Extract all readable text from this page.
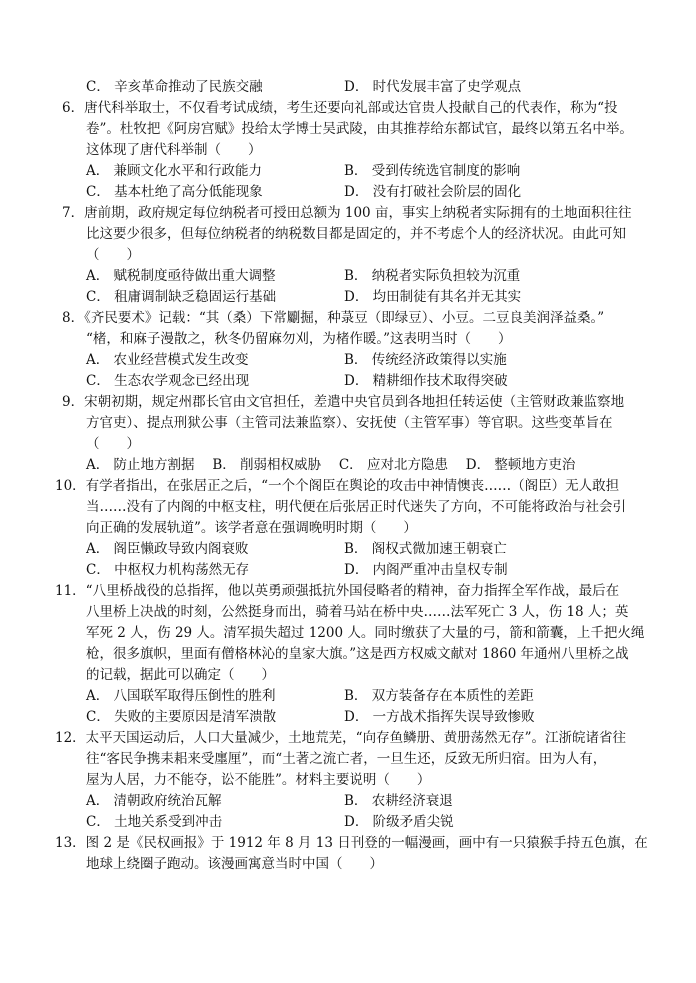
C． 辛亥革命推动了民族交融	D． 时代发展丰富了史学观点
6．唐代科举取士，不仅看考试成绩，考生还要向礼部或达官贵人投献自己的代表作，称为“投
卷”。杜牧把《阿房宫赋》投给太学博士吴武陵，由其推荐给东都试官，最终以第五名中举。
这体现了唐代科举制（　　）
A． 兼顾文化水平和行政能力	B． 受到传统选官制度的影响
C． 基本杜绝了高分低能现象	D． 没有打破社会阶层的固化
7．唐前期，政府规定每位纳税者可授田总额为 100 亩，事实上纳税者实际拥有的土地面积往往
比这要少很多，但每位纳税者的纳税数目都是固定的，并不考虑个人的经济状况。由此可知
（　　）
A． 赋税制度亟待做出重大调整	B． 纳税者实际负担较为沉重
C． 租庸调制缺乏稳固运行基础	D． 均田制徒有其名并无其实
8．《齐民要术》记载：“其（桑）下常劚掘，种菉豆（即绿豆）、小豆。二豆良美润泽益桑。”
“楮，和麻子漫散之，秋冬仍留麻勿刈，为楮作暖。”这表明当时（　　）
A． 农业经营模式发生改变	B． 传统经济政策得以实施
C． 生态农学观念已经出现	D． 精耕细作技术取得突破
9．宋朝初期，规定州郡长官由文官担任，差遣中央官员到各地担任转运使（主管财政兼监察地
方官吏）、提点刑狱公事（主管司法兼监察）、安抚使（主管军事）等官职。这些变革旨在
（　　）
A． 防止地方割据　 B． 削弱相权威胁　 C． 应对北方隐患　 D． 整顿地方吏治
10．有学者指出，在张居正之后，“一个个阁臣在舆论的攻击中神情懊丧……（阁臣）无人敢担
当……没有了内阁的中枢支柱，明代便在后张居正时代迷失了方向，不可能将政治与社会引
向正确的发展轨道”。该学者意在强调晚明时期（　　）
A． 阁臣懒政导致内阁衰败	B． 阁权式微加速王朝衰亡
C． 中枢权力机构荡然无存	D． 内阁严重冲击皇权专制
11．“八里桥战役的总指挥，他以英勇顽强抵抗外国侵略者的精神，奋力指挥全军作战，最后在
八里桥上决战的时刻，公然挺身而出，骑着马站在桥中央……法军死亡 3 人，伤 18 人；英
军死 2 人，伤 29 人。清军损失超过 1200 人。同时缴获了大量的弓，箭和箭囊，上千把火绳
枪，很多旗帜，里面有僧格林沁的皇家大旗。”这是西方权威文献对 1860 年通州八里桥之战
的记载，据此可以确定（　　）
A． 八国联军取得压倒性的胜利	B． 双方装备存在本质性的差距
C． 失败的主要原因是清军溃散	D． 一方战术指挥失误导致惨败
12．太平天国运动后，人口大量减少，土地荒芜，“向存鱼鳞册、黄册荡然无存”。江浙皖诸省往
往“客民争携耒耜来受廛厘”，而“土著之流亡者，一旦生还，反致无所归宿。田为人有，
屋为人居，力不能夺，讼不能胜”。材料主要说明（　　）
A． 清朝政府统治瓦解	B． 农耕经济衰退
C． 土地关系受到冲击	D． 阶级矛盾尖锐
13．图 2 是《民权画报》于 1912 年 8 月 13 日刊登的一幅漫画，画中有一只猿猴手持五色旗，在
地球上绕圈子跑动。该漫画寓意当时中国（　　）
